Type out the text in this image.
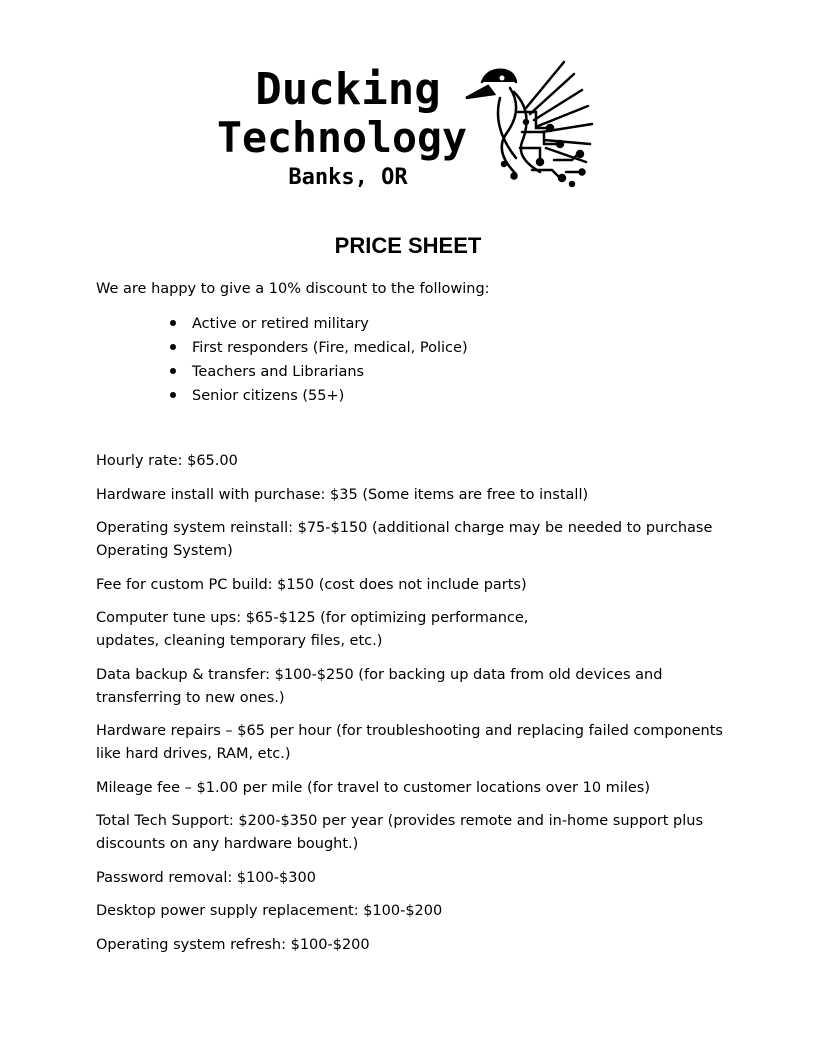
Ducking
Technology
Banks, OR
PRICE SHEET

We are happy to give a 10% discount to the following:

Active or retired military
First responders (Fire, medical, Police)
Teachers and Librarians
Senior citizens (55+)
Hourly rate: $65.00
Hardware install with purchase: $35 (Some items are free to install)
Operating system reinstall: $75-$150 (additional charge may be needed to purchase
Operating System)
Fee for custom PC build: $150 (cost does not include parts)
Computer tune ups: $65-$125 (for optimizing performance,
updates, cleaning temporary files, etc.)
Data backup & transfer: $100-$250 (for backing up data from old devices and
transferring to new ones.)
Hardware repairs – $65 per hour (for troubleshooting and replacing failed components
like hard drives, RAM, etc.)
Mileage fee – $1.00 per mile (for travel to customer locations over 10 miles)
Total Tech Support: $200-$350 per year (provides remote and in-home support plus
discounts on any hardware bought.)
Password removal: $100-$300
Desktop power supply replacement: $100-$200
Operating system refresh: $100-$200
